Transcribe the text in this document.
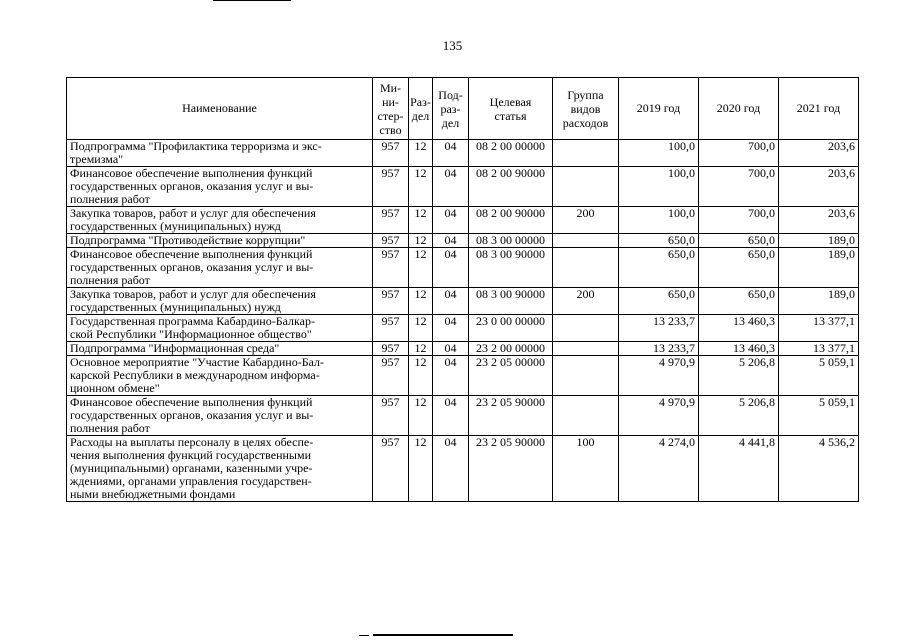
135
Наименование	Ми-
ни-
стер-
ство	Раз-
дел	Под-
раз-
дел	Целевая
статья	Группа
видов
расходов	2019 год	2020 год	2021 год
Подпрограмма "Профилактика терроризма и экс-
тремизма"	957	12	04	08 2 00 00000		100,0	700,0	203,6
Финансовое обеспечение выполнения функций
государственных органов, оказания услуг и вы-
полнения работ	957	12	04	08 2 00 90000		100,0	700,0	203,6
Закупка товаров, работ и услуг для обеспечения
государственных (муниципальных) нужд	957	12	04	08 2 00 90000	200	100,0	700,0	203,6
Подпрограмма "Противодействие коррупции"	957	12	04	08 3 00 00000		650,0	650,0	189,0
Финансовое обеспечение выполнения функций
государственных органов, оказания услуг и вы-
полнения работ	957	12	04	08 3 00 90000		650,0	650,0	189,0
Закупка товаров, работ и услуг для обеспечения
государственных (муниципальных) нужд	957	12	04	08 3 00 90000	200	650,0	650,0	189,0
Государственная программа Кабардино-Балкар-
ской Республики "Информационное общество"	957	12	04	23 0 00 00000		13 233,7	13 460,3	13 377,1
Подпрограмма "Информационная среда"	957	12	04	23 2 00 00000		13 233,7	13 460,3	13 377,1
Основное мероприятие "Участие Кабардино-Бал-
карской Республики в международном информа-
ционном обмене"	957	12	04	23 2 05 00000		4 970,9	5 206,8	5 059,1
Финансовое обеспечение выполнения функций
государственных органов, оказания услуг и вы-
полнения работ	957	12	04	23 2 05 90000		4 970,9	5 206,8	5 059,1
Расходы на выплаты персоналу в целях обеспе-
чения выполнения функций государственными
(муниципальными) органами, казенными учре-
ждениями, органами управления государствен-
ными внебюджетными фондами	957	12	04	23 2 05 90000	100	4 274,0	4 441,8	4 536,2
